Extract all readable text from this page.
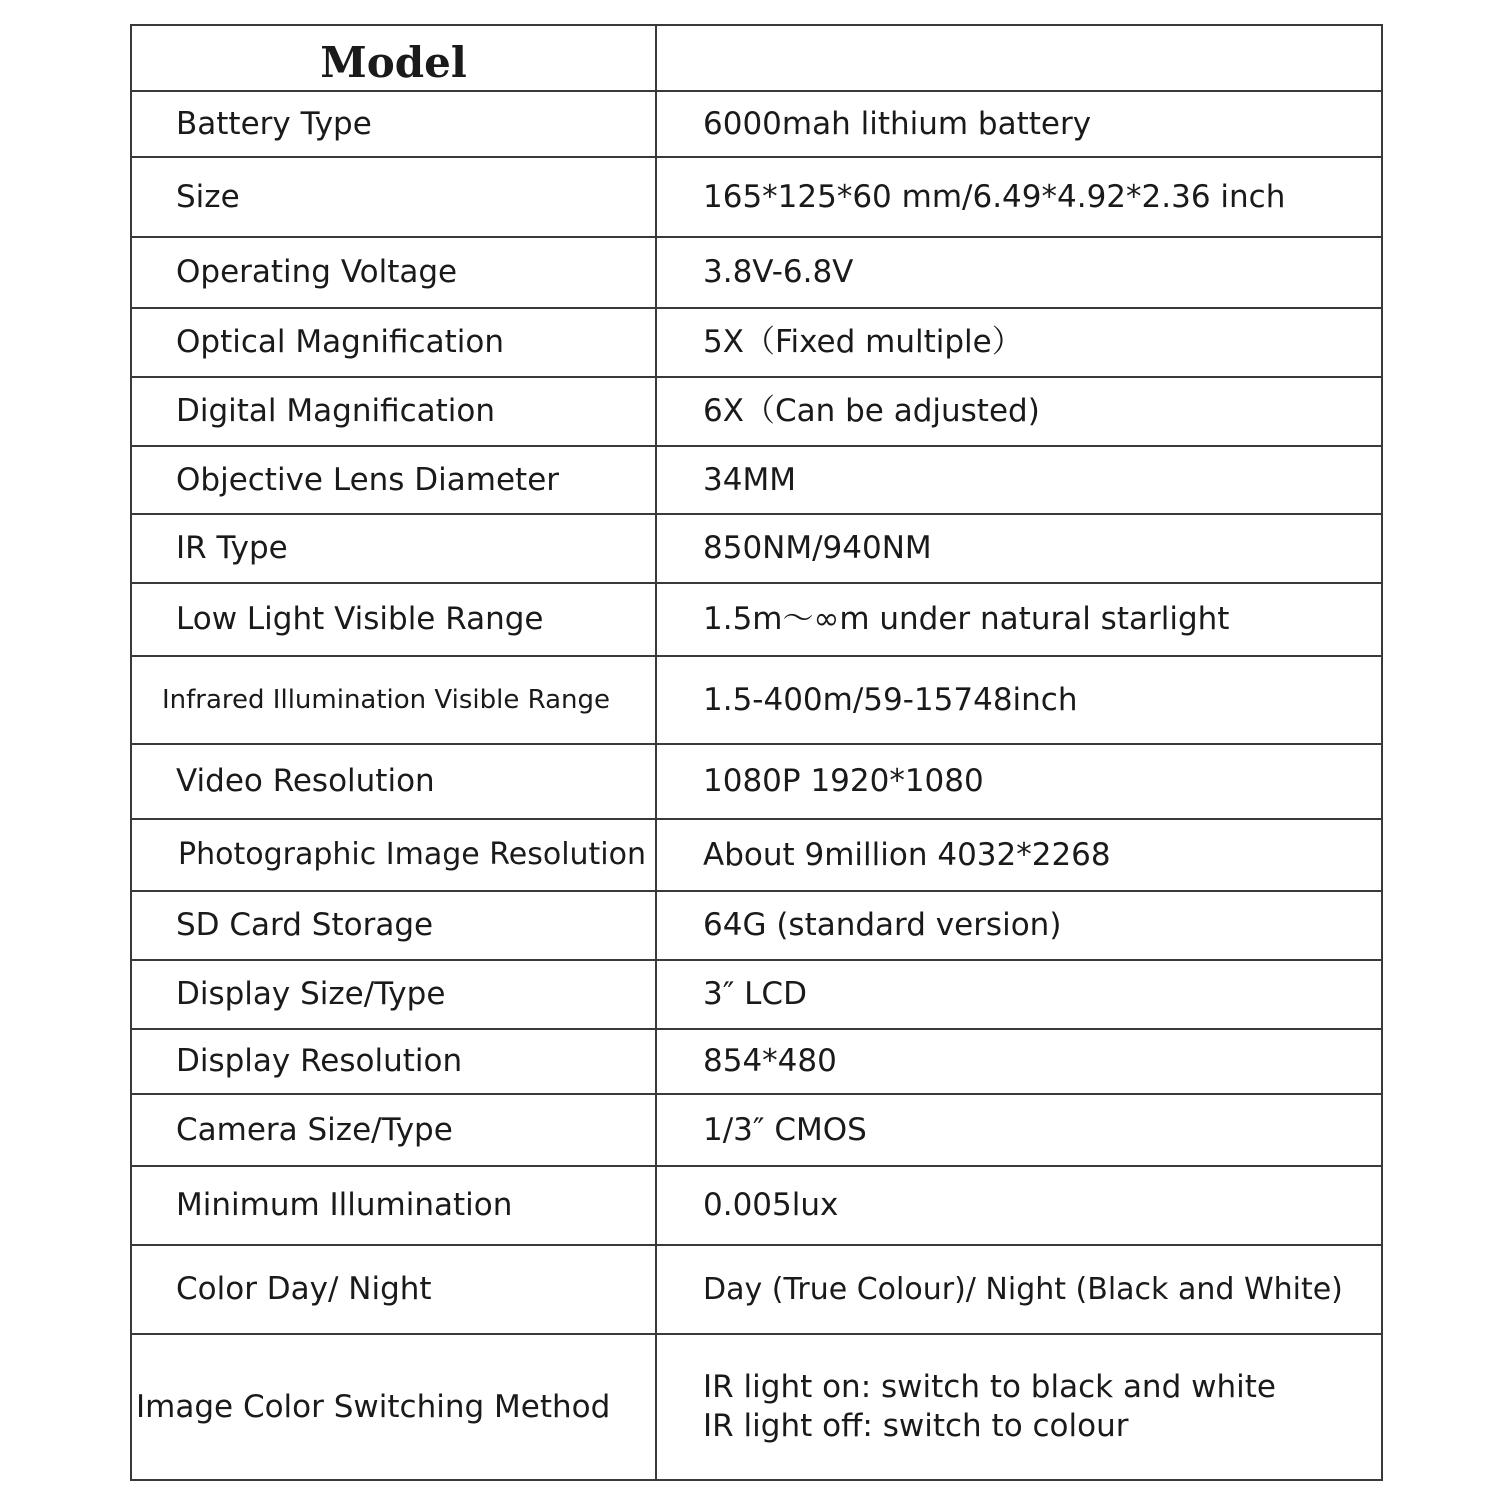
Model	
Battery Type	6000mah lithium battery
Size	165*125*60 mm/6.49*4.92*2.36 inch
Operating Voltage	3.8V-6.8V
Optical Magnification	5X（Fixed multiple）
Digital Magnification	6X（Can be adjusted)
Objective Lens Diameter	34MM
IR Type	850NM/940NM
Low Light Visible Range	1.5m～∞m under natural starlight
Infrared Illumination Visible Range	1.5-400m/59-15748inch
Video Resolution	1080P 1920*1080
Photographic Image Resolution	About 9million 4032*2268
SD Card Storage	64G (standard version)
Display Size/Type	3″ LCD
Display Resolution	854*480
Camera Size/Type	1/3″ CMOS
Minimum Illumination	0.005lux
Color Day/ Night	Day (True Colour)/ Night (Black and White)
Image Color Switching Method	IR light on: switch to black and white
IR light off: switch to colour
